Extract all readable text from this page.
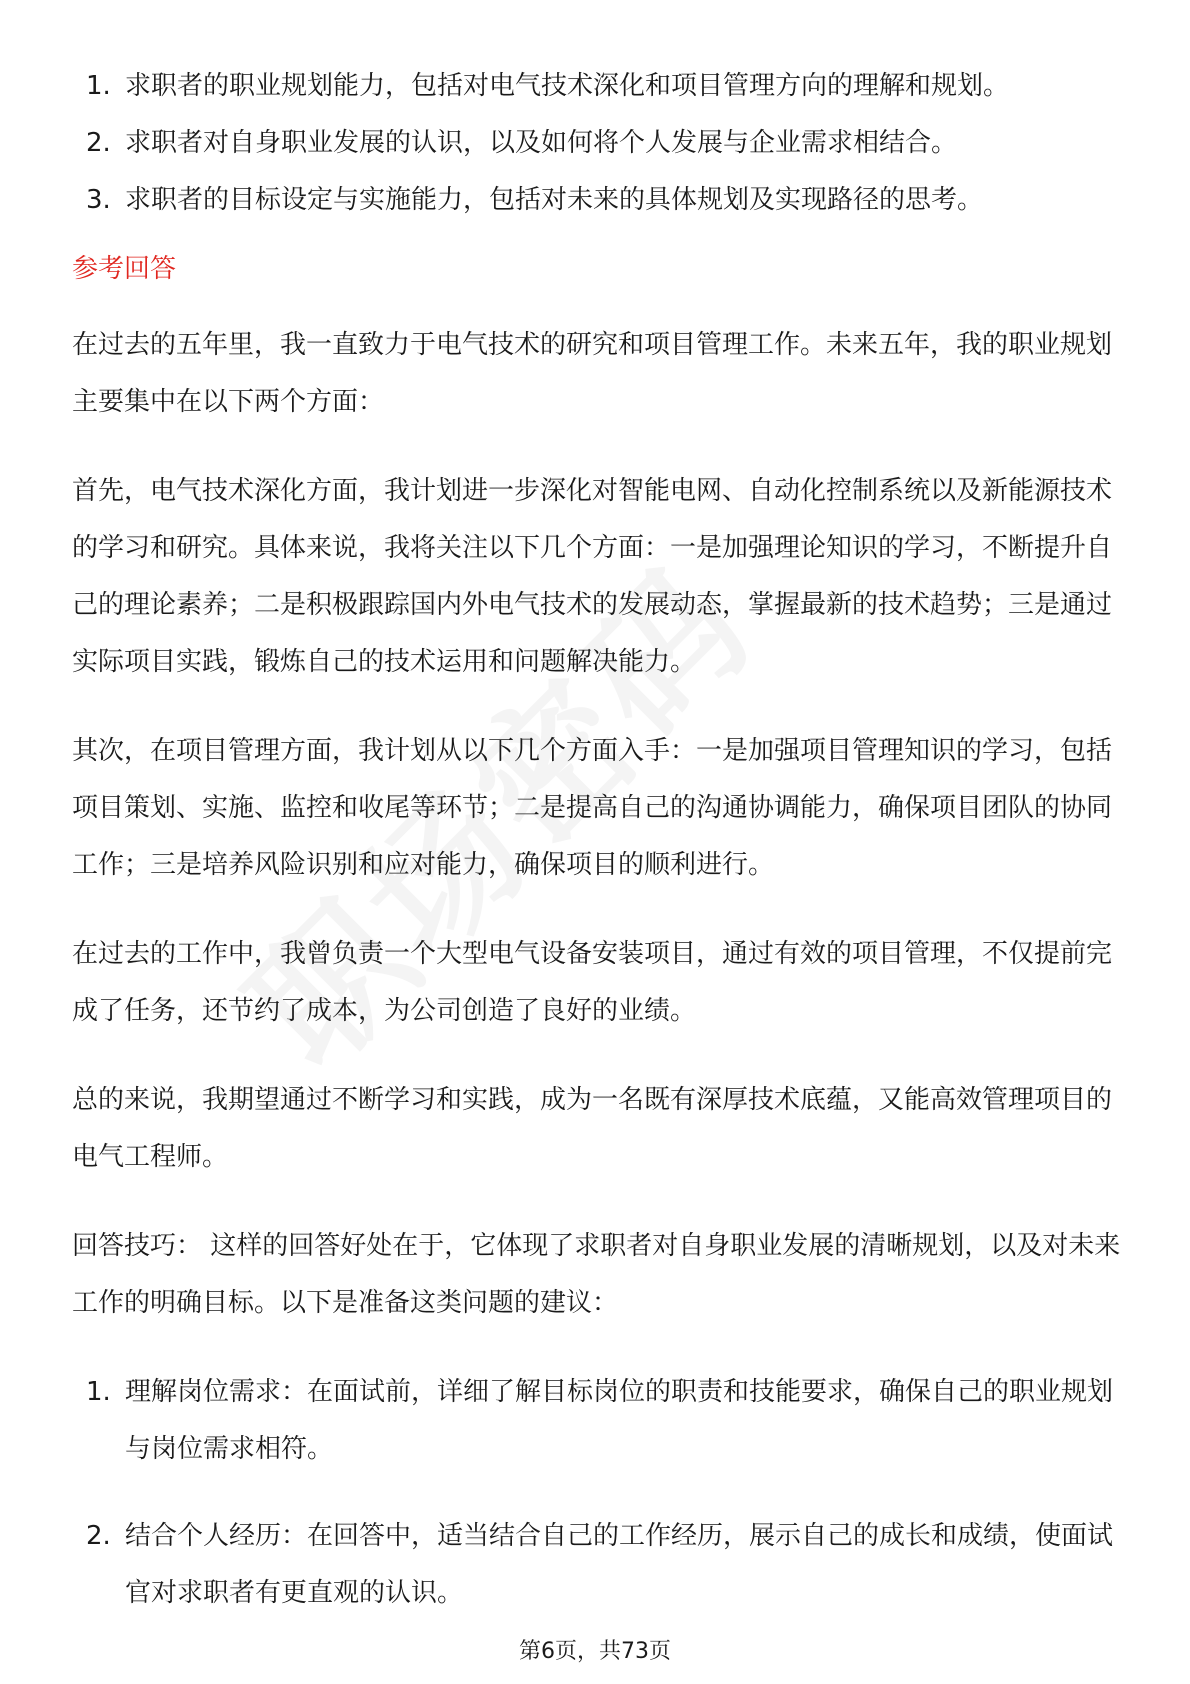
1. 求职者的职业规划能力，包括对电气技术深化和项目管理方向的理解和规划。
2. 求职者对自身职业发展的认识，以及如何将个人发展与企业需求相结合。
3. 求职者的目标设定与实施能力，包括对未来的具体规划及实现路径的思考。
参考回答

在过去的五年里，我一直致力于电气技术的研究和项目管理工作。未来五年，我的职业规划主要集中在以下两个方面：

首先，电气技术深化方面，我计划进一步深化对智能电网、自动化控制系统以及新能源技术的学习和研究。具体来说，我将关注以下几个方面：一是加强理论知识的学习，不断提升自己的理论素养；二是积极跟踪国内外电气技术的发展动态，掌握最新的技术趋势；三是通过实际项目实践，锻炼自己的技术运用和问题解决能力。

其次，在项目管理方面，我计划从以下几个方面入手：一是加强项目管理知识的学习，包括项目策划、实施、监控和收尾等环节；二是提高自己的沟通协调能力，确保项目团队的协同工作；三是培养风险识别和应对能力，确保项目的顺利进行。

在过去的工作中，我曾负责一个大型电气设备安装项目，通过有效的项目管理，不仅提前完成了任务，还节约了成本，为公司创造了良好的业绩。

总的来说，我期望通过不断学习和实践，成为一名既有深厚技术底蕴，又能高效管理项目的电气工程师。

回答技巧： 这样的回答好处在于，它体现了求职者对自身职业发展的清晰规划，以及对未来工作的明确目标。以下是准备这类问题的建议：

1. 理解岗位需求：在面试前，详细了解目标岗位的职责和技能要求，确保自己的职业规划与岗位需求相符。
2. 结合个人经历：在回答中，适当结合自己的工作经历，展示自己的成长和成绩，使面试官对求职者有更直观的认识。
第6页，共73页
